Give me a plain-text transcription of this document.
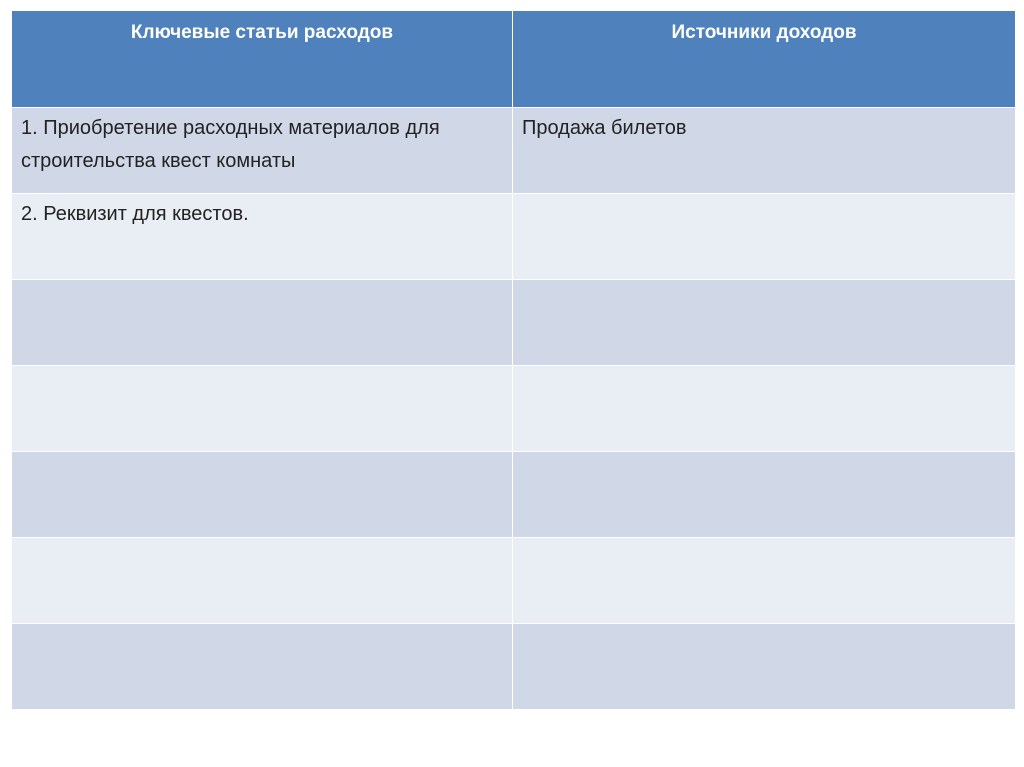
Ключевые статьи расходов	Источники доходов
1. Приобретение расходных материалов для строительства квест комнаты	Продажа билетов
2. Реквизит для квестов.	
